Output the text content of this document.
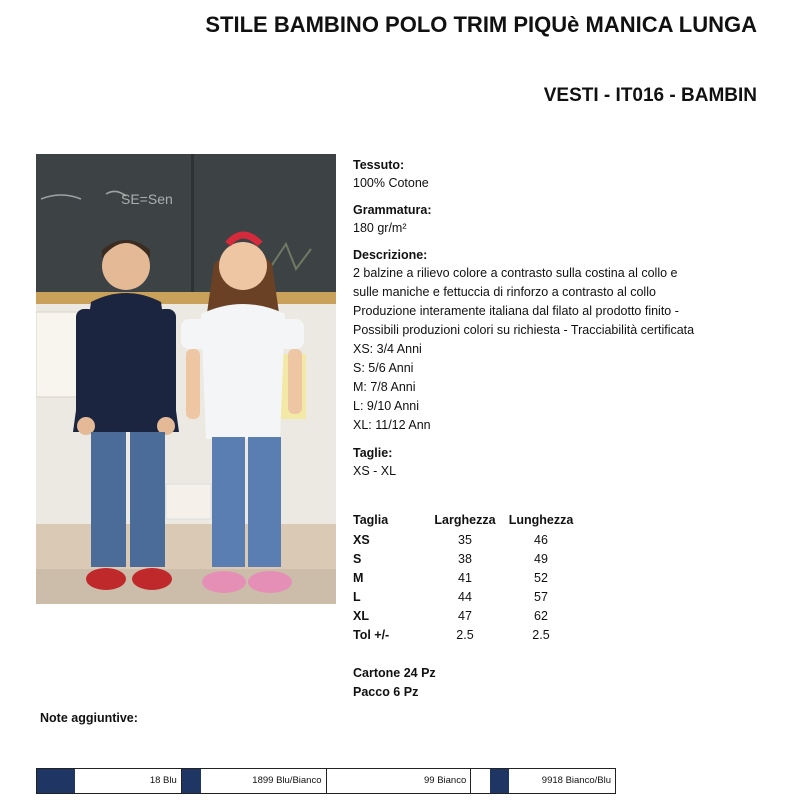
STILE BAMBINO POLO TRIM PIQUè MANICA LUNGA
VESTI - IT016 - BAMBIN
SE=Sen
Tessuto:
100% Cotone
Grammatura:
180 gr/m²
Descrizione:
2 balzine a rilievo colore a contrasto sulla costina al collo e
sulle maniche e fettuccia di rinforzo a contrasto al collo
Produzione interamente italiana dal filato al prodotto finito -
Possibili produzioni colori su richiesta - Tracciabilità certificata
XS: 3/4 Anni
S: 5/6 Anni
M: 7/8 Anni
L: 9/10 Anni
XL: 11/12 Ann
Taglie:
XS - XL
Taglia	Larghezza	Lunghezza
XS	35	46
S	38	49
M	41	52
L	44	57
XL	47	62
Tol +/-	2.5	2.5
Cartone 24 Pz
Pacco 6 Pz
Note aggiuntive:
18 Blu	1899 Blu/Bianco	99 Bianco	9918 Bianco/Blu
